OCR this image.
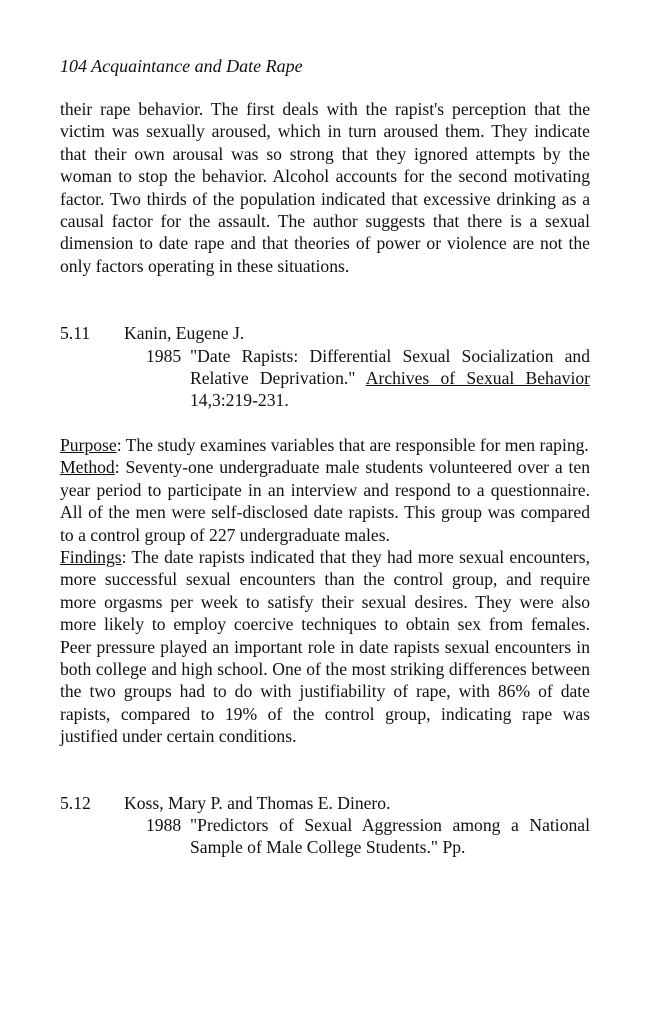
104 Acquaintance and Date Rape

their rape behavior. The first deals with the rapist's perception that the victim was sexually aroused, which in turn aroused them. They indicate that their own arousal was so strong that they ignored attempts by the woman to stop the behavior. Alcohol accounts for the second motivating factor. Two thirds of the population indicated that excessive drinking as a causal factor for the assault. The author suggests that there is a sexual dimension to date rape and that theories of power or violence are not the only factors operating in these situations.

5.11	Kanin, Eugene J.
1985 "Date Rapists: Differential Sexual Socialization and Relative Deprivation." Archives of Sexual Behavior 14,3:219-231.

Purpose: The study examines variables that are responsible for men raping.

Method: Seventy-one undergraduate male students volunteered over a ten year period to participate in an interview and respond to a questionnaire. All of the men were self-disclosed date rapists. This group was compared to a control group of 227 undergraduate males.

Findings: The date rapists indicated that they had more sexual encounters, more successful sexual encounters than the control group, and require more orgasms per week to satisfy their sexual desires. They were also more likely to employ coercive techniques to obtain sex from females. Peer pressure played an important role in date rapists sexual encounters in both college and high school. One of the most striking differences between the two groups had to do with justifiability of rape, with 86% of date rapists, compared to 19% of the control group, indicating rape was justified under certain conditions.

5.12	Koss, Mary P. and Thomas E. Dinero.
1988 "Predictors of Sexual Aggression among a National Sample of Male College Students." Pp.
